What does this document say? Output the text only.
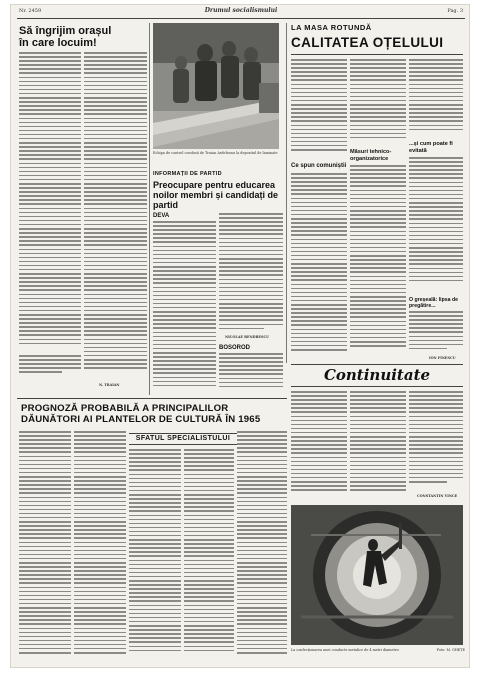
Nr. 2459	Drumul socialismului	Pag. 3
Să îngrijim orașul
în care locuim!
N. TRAIAN
Echipa de control condusă de Traian Ardeleanu la depozitul de laminate
INFORMAȚII DE PARTID
Preocupare pentru educarea noilor membri și candidați de partid
DEVA
NICOLAE BENDRESCU
BOSOROD
LA MASA ROTUNDĂ
CALITATEA OȚELULUI
Ce spun comuniștii
Măsuri tehnico-organizatorice
...și cum poate fi evitată
O greșeală: lipsa de pregătire...
ION FINESCU
Continuitate
CONSTANTIN VINCE
PROGNOZĂ PROBABILĂ A PRINCIPALILOR
DĂUNĂTORI AI PLANTELOR DE CULTURĂ ÎN 1965
SFATUL SPECIALISTULUI
La confecționarea unei conducte metalice de 4 metri diametru	Foto: M. GHEȚE
